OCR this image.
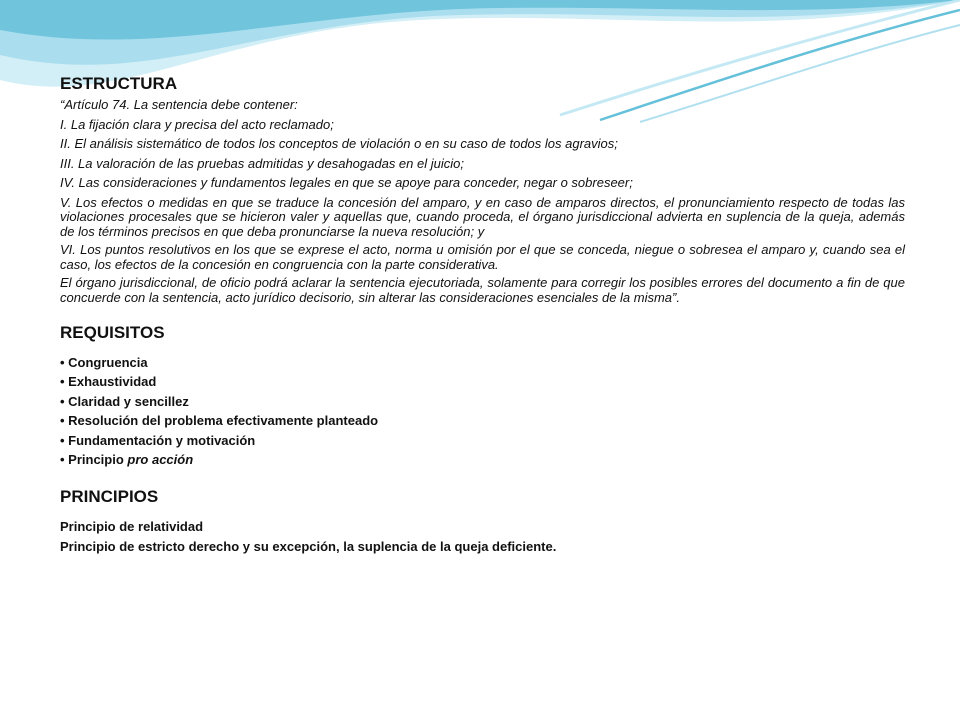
ESTRUCTURA
“Artículo 74. La sentencia debe contener:
I. La fijación clara y precisa del acto reclamado;
II. El análisis sistemático de todos los conceptos de violación o en su caso de todos los agravios;
III. La valoración de las pruebas admitidas y desahogadas en el juicio;
IV. Las consideraciones y fundamentos legales en que se apoye para conceder, negar o sobreseer;
V. Los efectos o medidas en que se traduce la concesión del amparo, y en caso de amparos directos, el pronunciamiento respecto de todas las violaciones procesales que se hicieron valer y aquellas que, cuando proceda, el órgano jurisdiccional advierta en suplencia de la queja, además de los términos precisos en que deba pronunciarse la nueva resolución; y
VI. Los puntos resolutivos en los que se exprese el acto, norma u omisión por el que se conceda, niegue o sobresea el amparo y, cuando sea el caso, los efectos de la concesión en congruencia con la parte considerativa.
El órgano jurisdiccional, de oficio podrá aclarar la sentencia ejecutoriada, solamente para corregir los posibles errores del documento a fin de que concuerde con la sentencia, acto jurídico decisorio, sin alterar las consideraciones esenciales de la misma”.
REQUISITOS
• Congruencia
• Exhaustividad
• Claridad y sencillez
• Resolución del problema efectivamente planteado
• Fundamentación y motivación
• Principio pro acción
PRINCIPIOS
Principio de relatividad
Principio de estricto derecho y su excepción, la suplencia de la queja deficiente.
